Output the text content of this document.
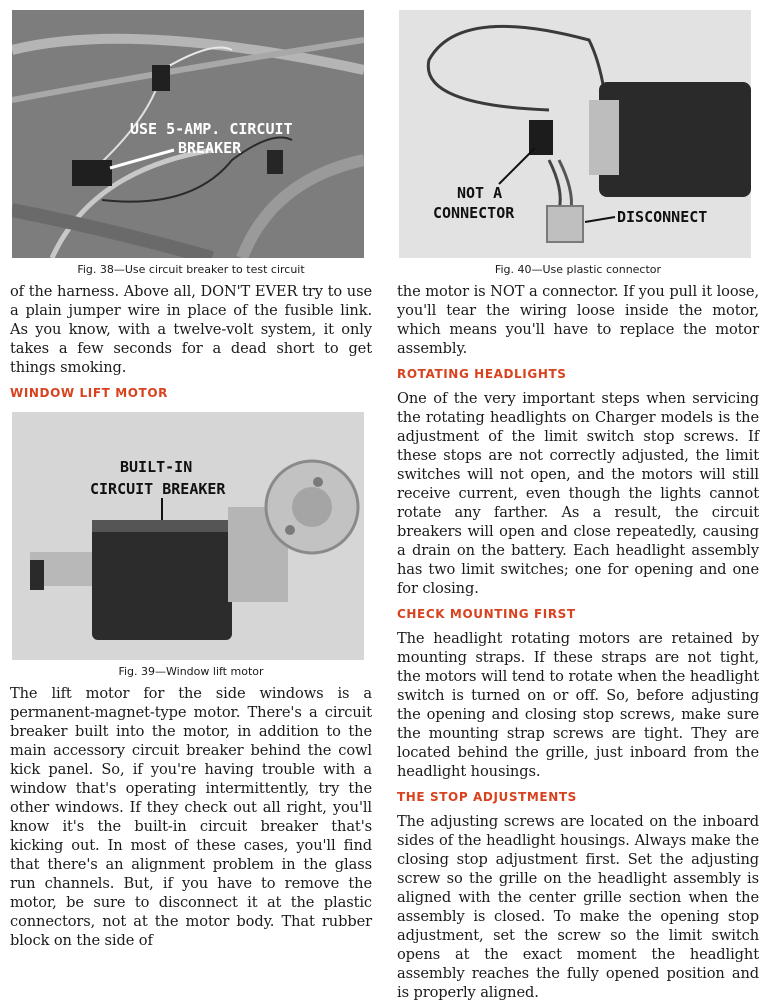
USE 5-AMP. CIRCUIT
BREAKER
Fig. 38—Use circuit breaker to test circuit

of the harness. Above all, DON'T EVER try to use a plain jumper wire in place of the fusible link. As you know, with a twelve-volt system, it only takes a few seconds for a dead short to get things smoking.

WINDOW LIFT MOTOR
BUILT-IN
CIRCUIT BREAKER
Fig. 39—Window lift motor

The lift motor for the side windows is a permanent-magnet-type motor. There's a circuit breaker built into the motor, in addition to the main accessory circuit breaker behind the cowl kick panel. So, if you're having trouble with a window that's operating intermittently, try the other windows. If they check out all right, you'll know it's the built-in circuit breaker that's kicking out. In most of these cases, you'll find that there's an alignment problem in the glass run channels. But, if you have to remove the motor, be sure to disconnect it at the plastic connectors, not at the motor body. That rubber block on the side of

NOT A
CONNECTOR	DISCONNECT
Fig. 40—Use plastic connector

the motor is NOT a connector. If you pull it loose, you'll tear the wiring loose inside the motor, which means you'll have to replace the motor assembly.

ROTATING HEADLIGHTS

One of the very important steps when servicing the rotating headlights on Charger models is the adjustment of the limit switch stop screws. If these stops are not correctly adjusted, the limit switches will not open, and the motors will still receive current, even though the lights cannot rotate any farther. As a result, the circuit breakers will open and close repeatedly, causing a drain on the battery. Each headlight assembly has two limit switches; one for opening and one for closing.

CHECK MOUNTING FIRST

The headlight rotating motors are retained by mounting straps. If these straps are not tight, the motors will tend to rotate when the headlight switch is turned on or off. So, before adjusting the opening and closing stop screws, make sure the mounting strap screws are tight. They are located behind the grille, just inboard from the headlight housings.

THE STOP ADJUSTMENTS

The adjusting screws are located on the inboard sides of the headlight housings. Always make the closing stop adjustment first. Set the adjusting screw so the grille on the headlight assembly is aligned with the center grille section when the assembly is closed. To make the opening stop adjustment, set the screw so the limit switch opens at the exact moment the headlight assembly reaches the fully opened position and is properly aligned.
